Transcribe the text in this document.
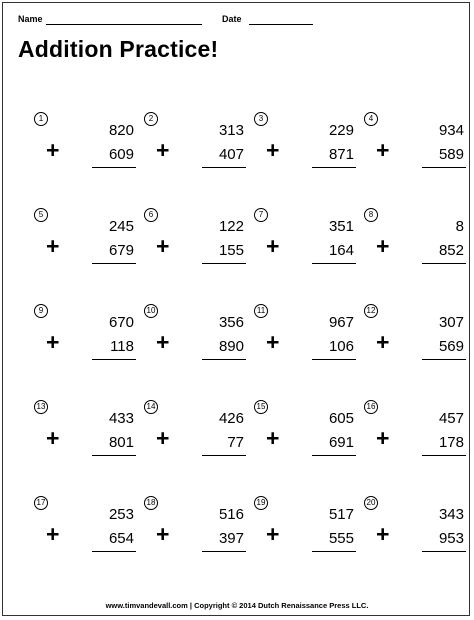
Name	Date
Addition Practice!
1
820
+	609
2
313
+	407
3
229
+	871
4
934
+	589
5
245
+	679
6
122
+	155
7
351
+	164
8
8
+	852
9
670
+	118
10
356
+	890
11
967
+	106
12
307
+	569
13
433
+	801
14
426
+	77
15
605
+	691
16
457
+	178
17
253
+	654
18
516
+	397
19
517
+	555
20
343
+	953
www.timvandevall.com | Copyright © 2014 Dutch Renaissance Press LLC.
